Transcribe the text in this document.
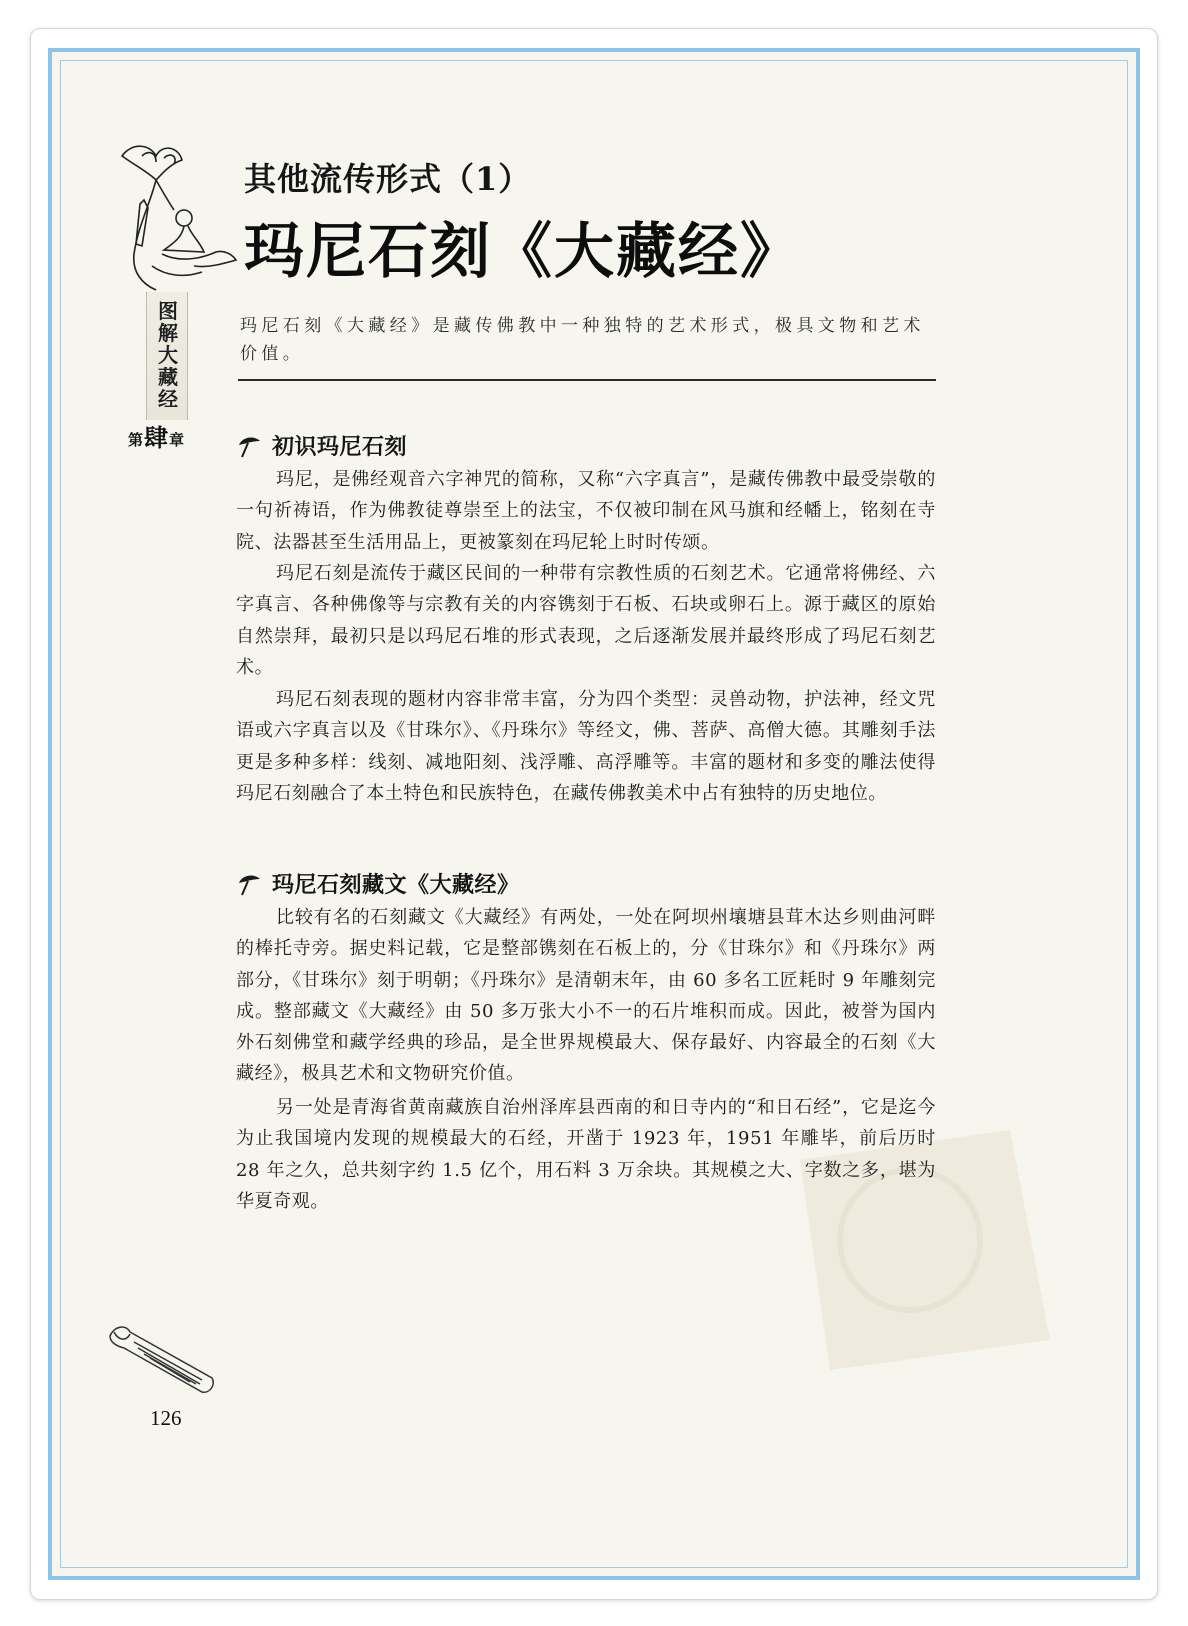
图
解
大
藏
经
第 肆 章
其他流传形式（1）
玛尼石刻《大藏经》
玛尼石刻《大藏经》是藏传佛教中一种独特的艺术形式，极具文物和艺术价值。
初识玛尼石刻

玛尼，是佛经观音六字神咒的简称，又称“六字真言”，是藏传佛教中最受崇敬的一句祈祷语，作为佛教徒尊崇至上的法宝，不仅被印制在风马旗和经幡上，铭刻在寺院、法器甚至生活用品上，更被篆刻在玛尼轮上时时传颂。

玛尼石刻是流传于藏区民间的一种带有宗教性质的石刻艺术。它通常将佛经、六字真言、各种佛像等与宗教有关的内容镌刻于石板、石块或卵石上。源于藏区的原始自然崇拜，最初只是以玛尼石堆的形式表现，之后逐渐发展并最终形成了玛尼石刻艺术。

玛尼石刻表现的题材内容非常丰富，分为四个类型：灵兽动物，护法神，经文咒语或六字真言以及《甘珠尔》、《丹珠尔》等经文，佛、菩萨、高僧大德。其雕刻手法更是多种多样：线刻、减地阳刻、浅浮雕、高浮雕等。丰富的题材和多变的雕法使得玛尼石刻融合了本土特色和民族特色，在藏传佛教美术中占有独特的历史地位。

玛尼石刻藏文《大藏经》

比较有名的石刻藏文《大藏经》有两处，一处在阿坝州壤塘县茸木达乡则曲河畔的棒托寺旁。据史料记载，它是整部镌刻在石板上的，分《甘珠尔》和《丹珠尔》两部分，《甘珠尔》刻于明朝；《丹珠尔》是清朝末年，由 60 多名工匠耗时 9 年雕刻完成。整部藏文《大藏经》由 50 多万张大小不一的石片堆积而成。因此，被誉为国内外石刻佛堂和藏学经典的珍品，是全世界规模最大、保存最好、内容最全的石刻《大藏经》，极具艺术和文物研究价值。

另一处是青海省黄南藏族自治州泽库县西南的和日寺内的“和日石经”，它是迄今为止我国境内发现的规模最大的石经，开凿于 1923 年，1951 年雕毕，前后历时 28 年之久，总共刻字约 1.5 亿个，用石料 3 万余块。其规模之大、字数之多，堪为华夏奇观。

126
